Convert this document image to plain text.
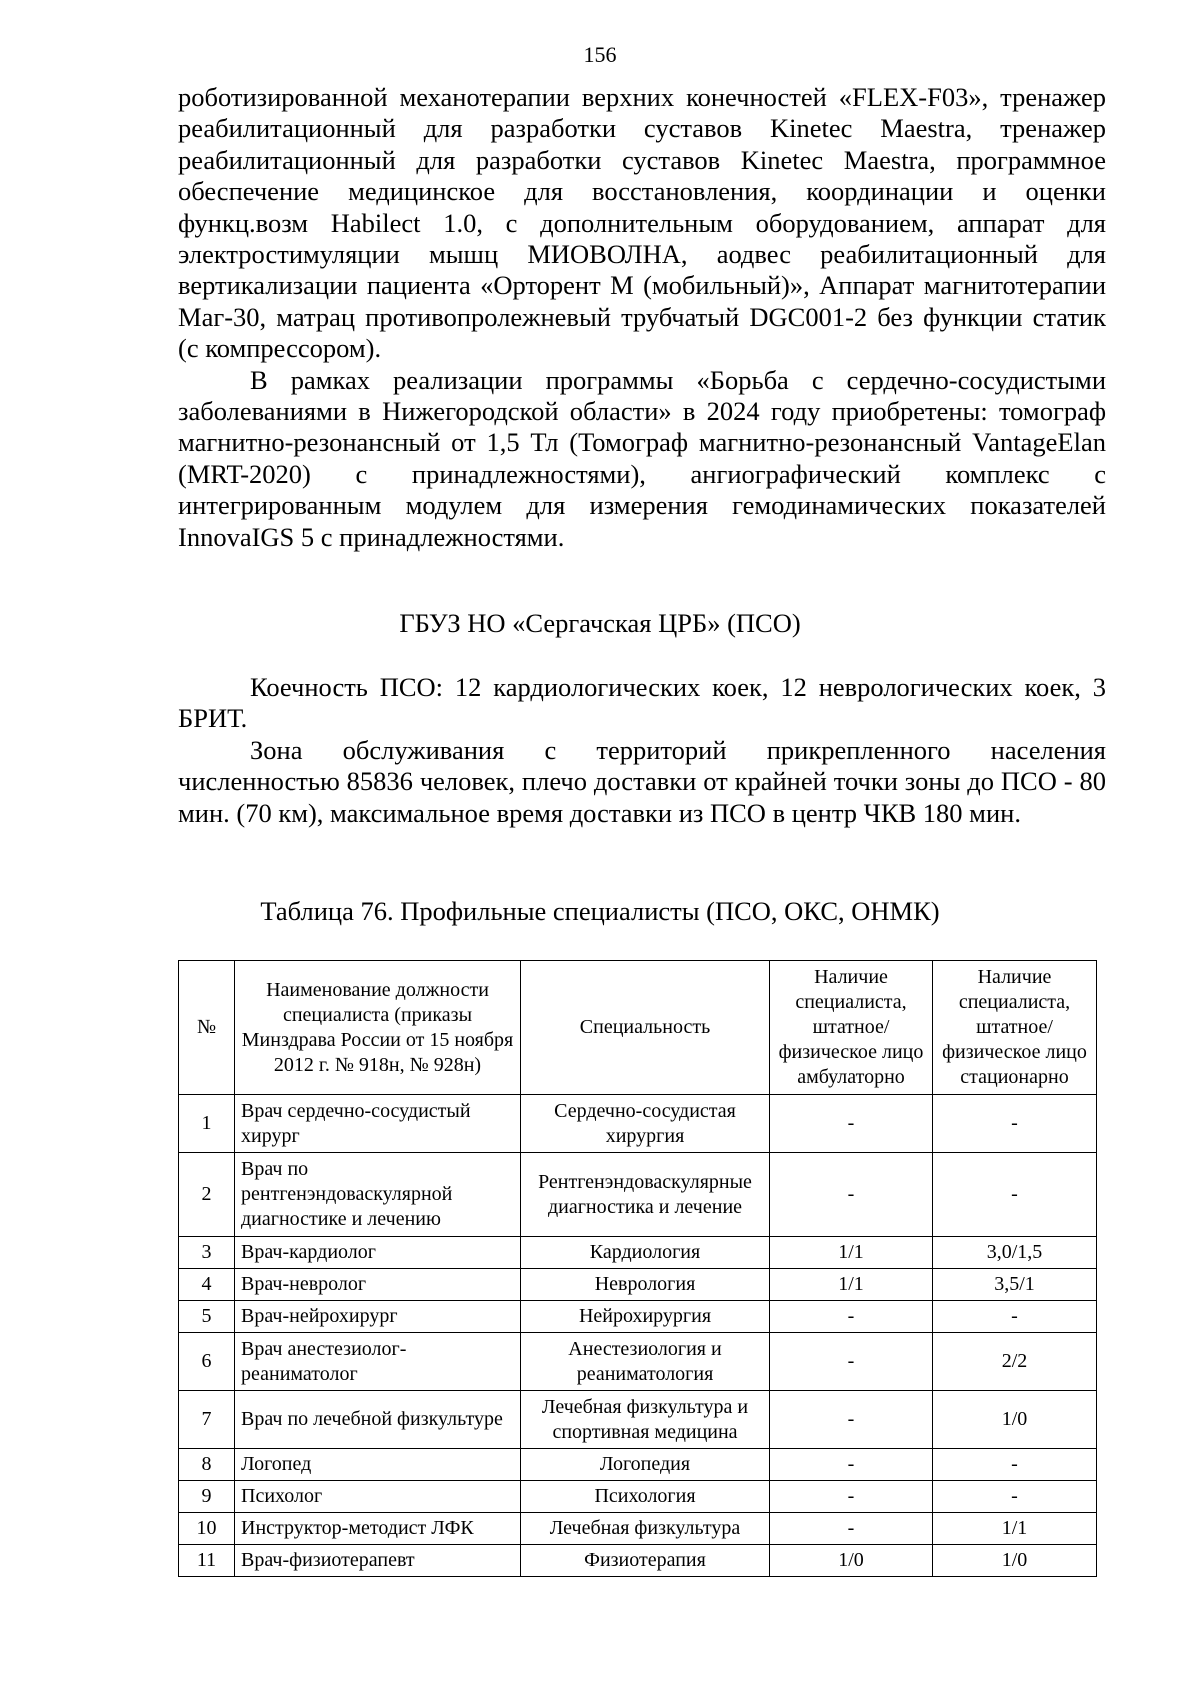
156

роботизированной механотерапии верхних конечностей «FLEX-F03», тренажер реабилитационный для разработки суставов Kinetec Maestra, тренажер реабилитационный для разработки суставов Kinetec Maestra, программное обеспечение медицинское для восстановления, координации и оценки функц.возм Habilect 1.0, с дополнительным оборудованием, аппарат для электростимуляции мышц МИОВОЛНА, аодвес реабилитационный для вертикализации пациента «Орторент М (мобильный)», Аппарат магнитотерапии Маг-30, матрац противопролежневый трубчатый DGC001-2 без функции статик (с компрессором).

В рамках реализации программы «Борьба с сердечно-сосудистыми заболеваниями в Нижегородской области» в 2024 году приобретены: томограф магнитно-резонансный от 1,5 Тл (Томограф магнитно-резонансный VantageElan (MRT-2020) с принадлежностями), ангиографический комплекс с интегрированным модулем для измерения гемодинамических показателей InnovaIGS 5 с принадлежностями.

ГБУЗ НО «Сергачская ЦРБ» (ПСО)

Коечность ПСО: 12 кардиологических коек, 12 неврологических коек, 3 БРИТ.

Зона обслуживания с территорий прикрепленного населения численностью 85836 человек, плечо доставки от крайней точки зоны до ПСО - 80 мин. (70 км), максимальное время доставки из ПСО в центр ЧКВ 180 мин.

Таблица 76. Профильные специалисты (ПСО, ОКС, ОНМК)
№	Наименование должности специалиста (приказы Минздрава России от 15 ноября 2012 г. № 918н, № 928н)	Специальность	Наличие специалиста, штатное/физическое лицо амбулаторно	Наличие специалиста, штатное/физическое лицо стационарно
1	Врач сердечно-сосудистый хирург	Сердечно-сосудистая хирургия	-	-
2	Врач по рентгенэндоваскулярной диагностике и лечению	Рентгенэндоваскулярные диагностика и лечение	-	-
3	Врач-кардиолог	Кардиология	1/1	3,0/1,5
4	Врач-невролог	Неврология	1/1	3,5/1
5	Врач-нейрохирург	Нейрохирургия	-	-
6	Врач анестезиолог-реаниматолог	Анестезиология и реаниматология	-	2/2
7	Врач по лечебной физкультуре	Лечебная физкультура и спортивная медицина	-	1/0
8	Логопед	Логопедия	-	-
9	Психолог	Психология	-	-
10	Инструктор-методист ЛФК	Лечебная физкультура	-	1/1
11	Врач-физиотерапевт	Физиотерапия	1/0	1/0
